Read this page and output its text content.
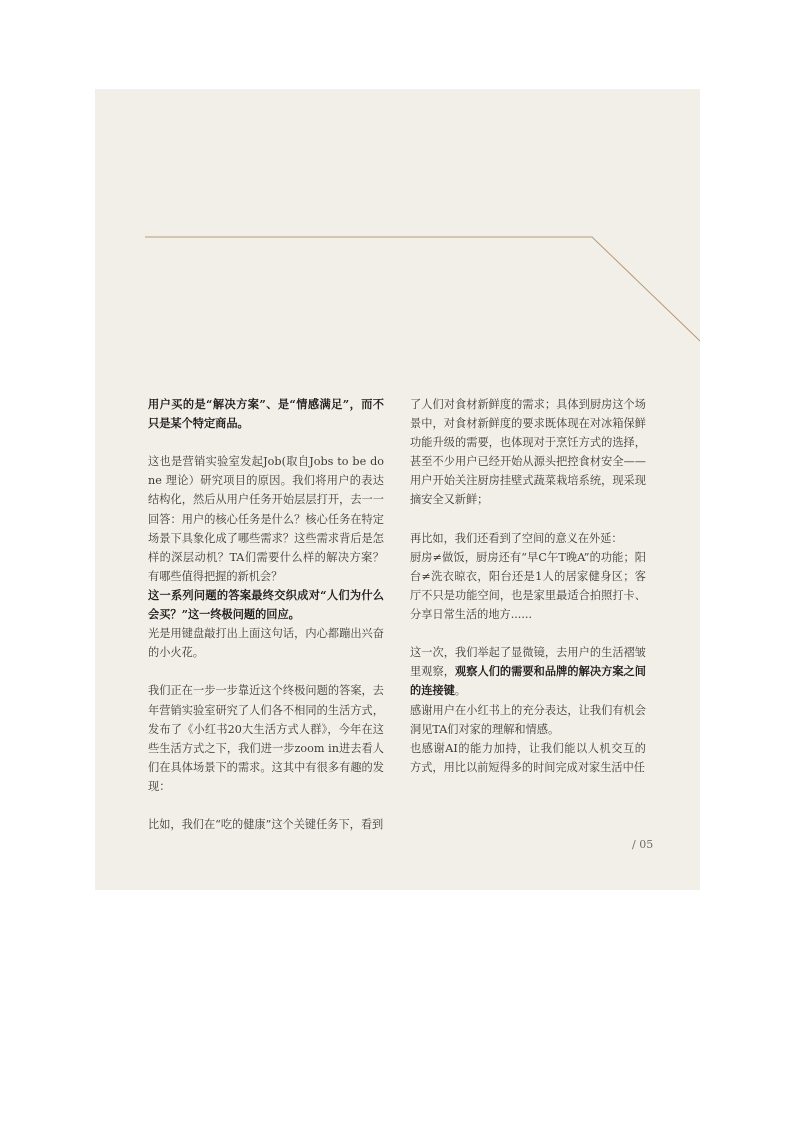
用户买的是“解决方案”、是“情感满足”，而不只是某个特定商品。

这也是营销实验室发起Job(取自Jobs to be done 理论）研究项目的原因。我们将用户的表达结构化，然后从用户任务开始层层打开，去一一回答：用户的核心任务是什么？核心任务在特定场景下具象化成了哪些需求？这些需求背后是怎样的深层动机？TA们需要什么样的解决方案？有哪些值得把握的新机会？

这一系列问题的答案最终交织成对“人们为什么会买？”这一终极问题的回应。

光是用键盘敲打出上面这句话，内心都蹦出兴奋的小火花。

我们正在一步一步靠近这个终极问题的答案，去年营销实验室研究了人们各不相同的生活方式，发布了《小红书20大生活方式人群》，今年在这些生活方式之下，我们进一步zoom in进去看人们在具体场景下的需求。这其中有很多有趣的发现：

比如，我们在“吃的健康”这个关键任务下，看到

了人们对食材新鲜度的需求；具体到厨房这个场景中，对食材新鲜度的要求既体现在对冰箱保鲜功能升级的需要，也体现对于烹饪方式的选择，甚至不少用户已经开始从源头把控食材安全——用户开始关注厨房挂壁式蔬菜栽培系统，现采现摘安全又新鲜；

再比如，我们还看到了空间的意义在外延：

厨房≠做饭，厨房还有“早C午T晚A”的功能；阳台≠洗衣晾衣，阳台还是1人的居家健身区；客厅不只是功能空间，也是家里最适合拍照打卡、分享日常生活的地方......

这一次，我们举起了显微镜，去用户的生活褶皱里观察，观察人们的需要和品牌的解决方案之间的连接键。

感谢用户在小红书上的充分表达，让我们有机会洞见TA们对家的理解和情感。

也感谢AI的能力加持，让我们能以人机交互的方式，用比以前短得多的时间完成对家生活中任

/ 05
